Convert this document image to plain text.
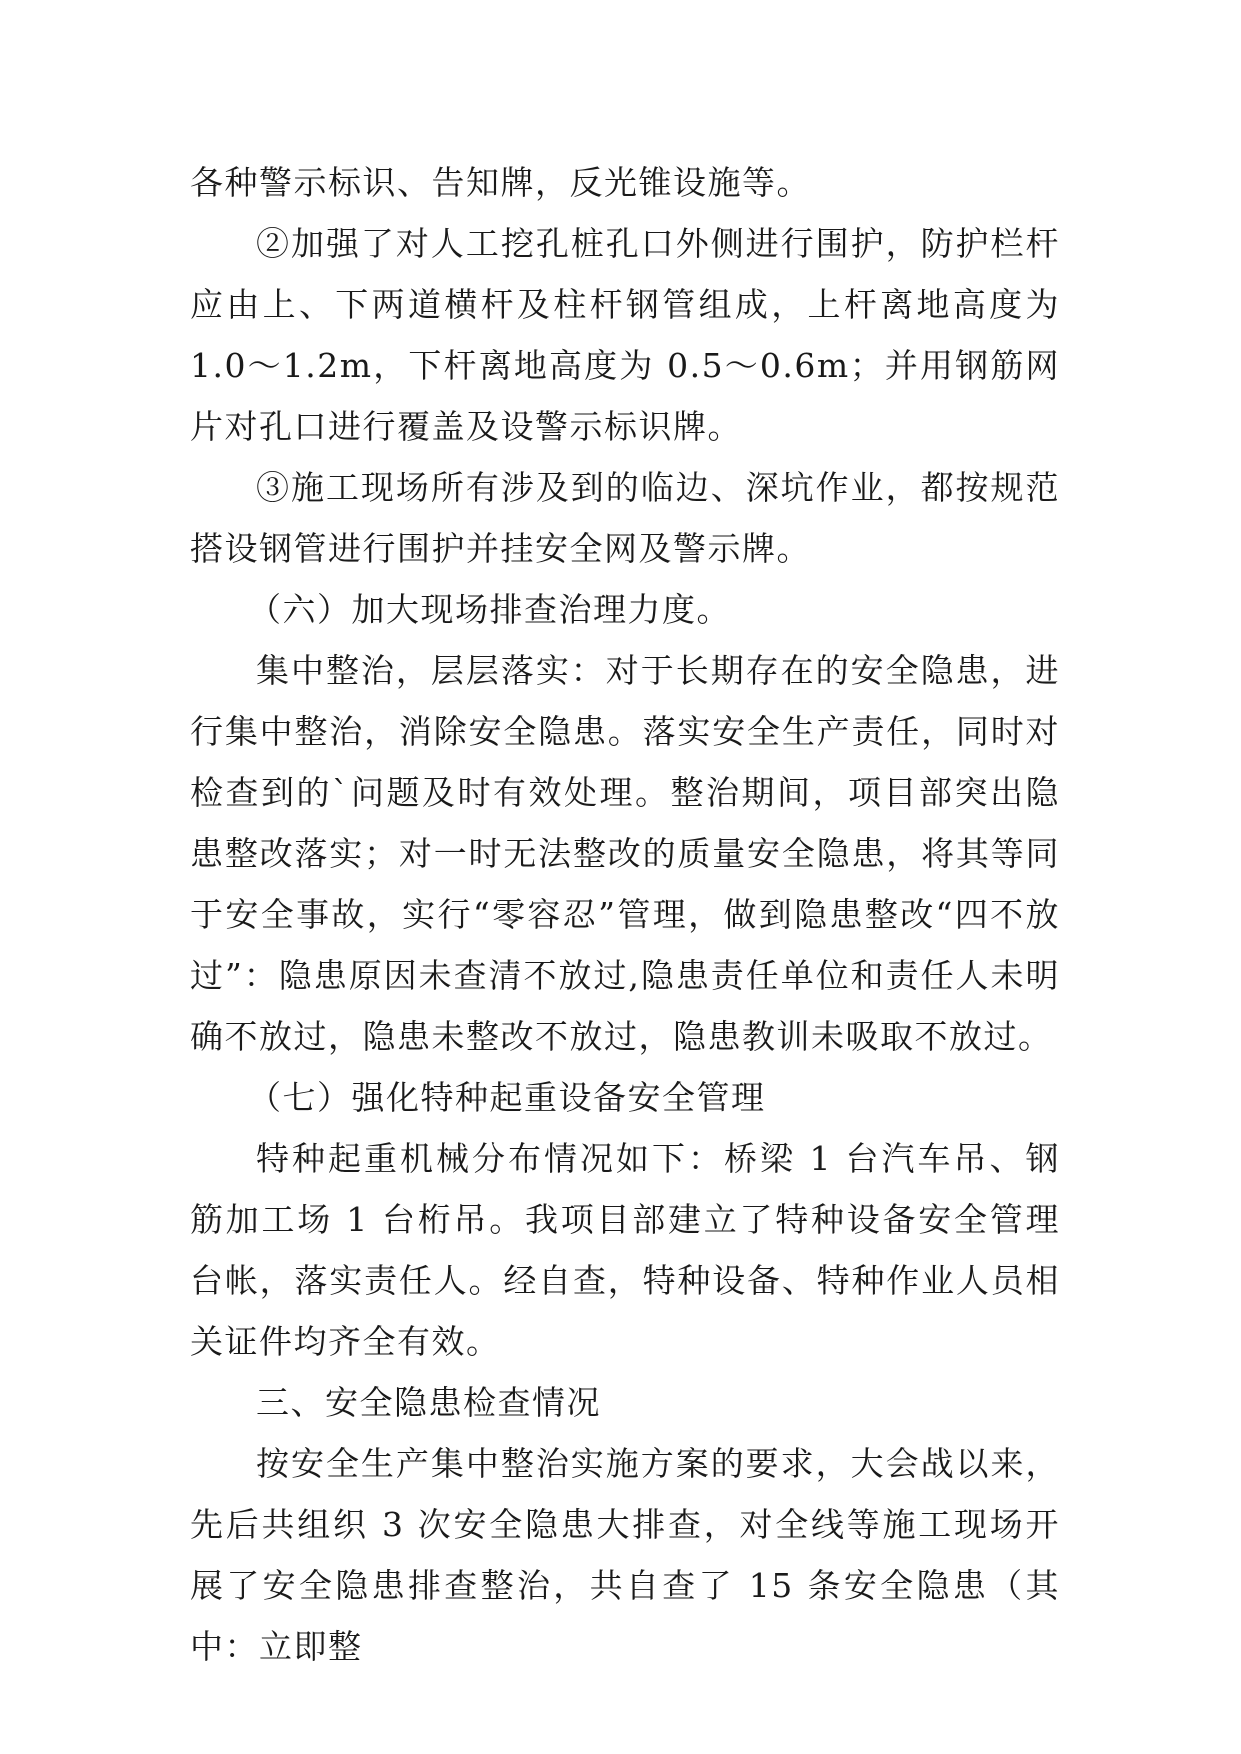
各种警示标识、告知牌，反光锥设施等。

②加强了对人工挖孔桩孔口外侧进行围护，防护栏杆应由上、下两道横杆及柱杆钢管组成，上杆离地高度为 1.0～1.2m，下杆离地高度为 0.5～0.6m；并用钢筋网片对孔口进行覆盖及设警示标识牌。

③施工现场所有涉及到的临边、深坑作业，都按规范搭设钢管进行围护并挂安全网及警示牌。

（六）加大现场排查治理力度。

集中整治，层层落实：对于长期存在的安全隐患，进行集中整治，消除安全隐患。落实安全生产责任，同时对检查到的`问题及时有效处理。整治期间，项目部突出隐患整改落实；对一时无法整改的质量安全隐患，将其等同于安全事故，实行“零容忍”管理，做到隐患整改“四不放过”：隐患原因未查清不放过,隐患责任单位和责任人未明确不放过，隐患未整改不放过，隐患教训未吸取不放过。

（七）强化特种起重设备安全管理

特种起重机械分布情况如下：桥梁 1 台汽车吊、钢筋加工场 1 台桁吊。我项目部建立了特种设备安全管理台帐，落实责任人。经自查，特种设备、特种作业人员相关证件均齐全有效。

三、安全隐患检查情况

按安全生产集中整治实施方案的要求，大会战以来，先后共组织 3 次安全隐患大排查，对全线等施工现场开展了安全隐患排查整治，共自查了 15 条安全隐患（其中：立即整
